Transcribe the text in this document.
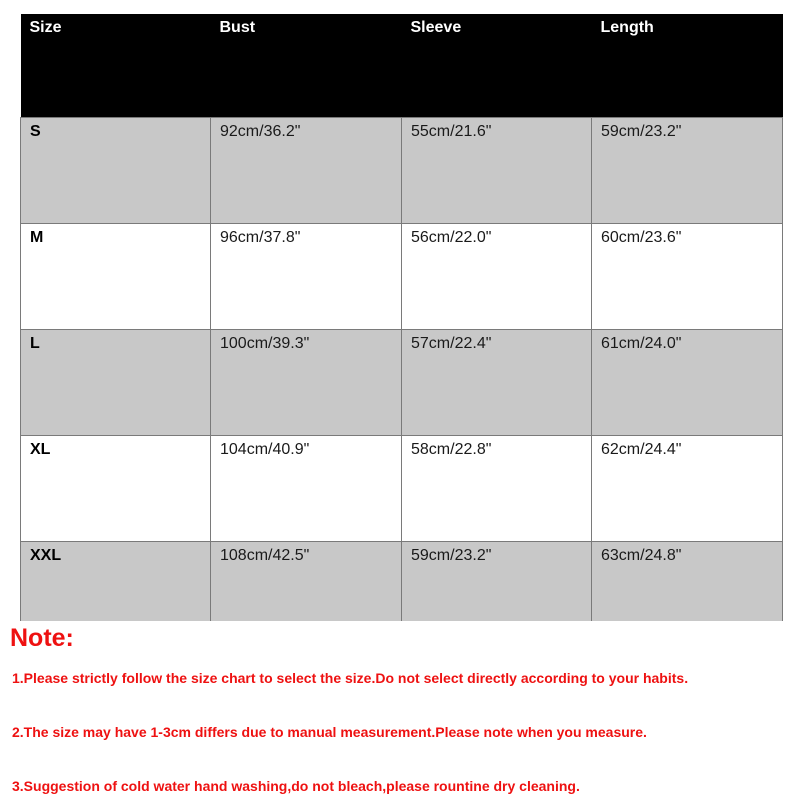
Size	Bust	Sleeve	Length
S	92cm/36.2"	55cm/21.6"	59cm/23.2"
M	96cm/37.8"	56cm/22.0"	60cm/23.6"
L	100cm/39.3"	57cm/22.4"	61cm/24.0"
XL	104cm/40.9"	58cm/22.8"	62cm/24.4"
XXL	108cm/42.5"	59cm/23.2"	63cm/24.8"
Note:

1.Please strictly follow the size chart to select the size.Do not select directly according to your habits.

2.The size may have 1-3cm differs due to manual measurement.Please note when you measure.

3.Suggestion of cold water hand washing,do not bleach,please rountine dry cleaning.
